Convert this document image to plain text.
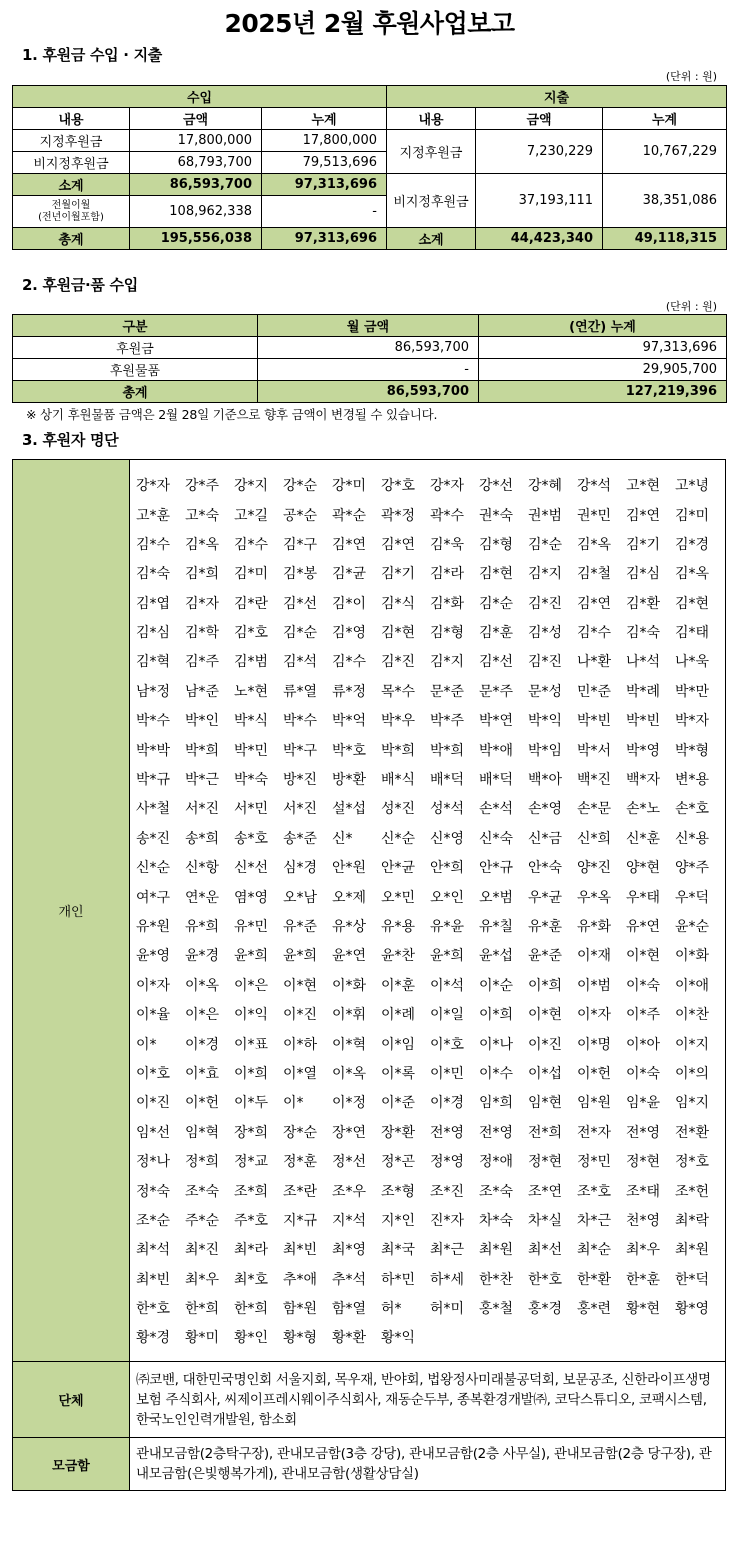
2025년 2월 후원사업보고
1. 후원금 수입 · 지출
(단위 : 원)
수입			지출		
내용	금액	누계	내용	금액	누계
지정후원금	17,800,000	17,800,000	지정후원금	7,230,229	10,767,229
비지정후원금	68,793,700	79,513,696			
소계	86,593,700	97,313,696	비지정후원금	37,193,111	38,351,086
전월이월
(전년이월포함)	108,962,338	-			
총계	195,556,038	97,313,696	소계	44,423,340	49,118,315
2. 후원금·품 수입
(단위 : 원)
구분	월 금액	(연간) 누계
후원금	86,593,700	97,313,696
후원물품	-	29,905,700
총계	86,593,700	127,219,396
※ 상기 후원물품 금액은 2월 28일 기준으로 향후 금액이 변경될 수 있습니다.
3. 후원자 명단
개인	강*자 강*주 강*지 강*순 강*미 강*호 강*자 강*선 강*혜 강*석 고*현 고*녕고*훈 고*숙 고*길 공*순 곽*순 곽*정 곽*수 권*숙 권*범 권*민 김*연 김*미김*수 김*옥 김*수 김*구 김*연 김*연 김*욱 김*형 김*순 김*옥 김*기 김*경김*숙 김*희 김*미 김*봉 김*균 김*기 김*라 김*현 김*지 김*철 김*심 김*옥김*엽 김*자 김*란 김*선 김*이 김*식 김*화 김*순 김*진 김*연 김*환 김*현김*심 김*학 김*호 김*순 김*영 김*현 김*형 김*훈 김*성 김*수 김*숙 김*태김*혁 김*주 김*범 김*석 김*수 김*진 김*지 김*선 김*진 나*환 나*석 나*욱남*정 남*준 노*현 류*열 류*정 목*수 문*준 문*주 문*성 민*준 박*례 박*만박*수 박*인 박*식 박*수 박*억 박*우 박*주 박*연 박*익 박*빈 박*빈 박*자박*박 박*희 박*민 박*구 박*호 박*희 박*희 박*애 박*임 박*서 박*영 박*형박*규 박*근 박*숙 방*진 방*환 배*식 배*덕 배*덕 백*아 백*진 백*자 변*용사*철 서*진 서*민 서*진 설*섭 성*진 성*석 손*석 손*영 손*문 손*노 손*호송*진 송*희 송*호 송*준 신* 신*순 신*영 신*숙 신*금 신*희 신*훈 신*용신*순 신*항 신*선 심*경 안*원 안*균 안*희 안*규 안*숙 양*진 양*현 양*주여*구 연*운 염*영 오*남 오*제 오*민 오*인 오*범 우*균 우*옥 우*태 우*덕유*원 유*희 유*민 유*준 유*상 유*용 유*윤 유*칠 유*훈 유*화 유*연 윤*순윤*영 윤*경 윤*희 윤*희 윤*연 윤*찬 윤*희 윤*섭 윤*준 이*재 이*현 이*화이*자 이*옥 이*은 이*현 이*화 이*훈 이*석 이*순 이*희 이*범 이*숙 이*애이*율 이*은 이*익 이*진 이*휘 이*례 이*일 이*희 이*현 이*자 이*주 이*찬이* 이*경 이*표 이*하 이*혁 이*임 이*호 이*나 이*진 이*명 이*아 이*지이*호 이*효 이*희 이*열 이*옥 이*록 이*민 이*수 이*섭 이*헌 이*숙 이*의이*진 이*헌 이*두 이* 이*정 이*준 이*경 임*희 임*현 임*원 임*윤 임*지임*선 임*혁 장*희 장*순 장*연 장*환 전*영 전*영 전*희 전*자 전*영 전*환정*나 정*희 정*교 정*훈 정*선 정*곤 정*영 정*애 정*현 정*민 정*현 정*호정*숙 조*숙 조*희 조*란 조*우 조*형 조*진 조*숙 조*연 조*호 조*태 조*헌조*순 주*순 주*호 지*규 지*석 지*인 진*자 차*숙 차*실 차*근 천*영 최*락최*석 최*진 최*라 최*빈 최*영 최*국 최*근 최*원 최*선 최*순 최*우 최*원최*빈 최*우 최*호 추*애 추*석 하*민 하*세 한*찬 한*호 한*환 한*훈 한*덕한*호 한*희 한*희 함*원 함*열 허* 허*미 홍*철 홍*경 홍*련 황*현 황*영황*경 황*미 황*인 황*형 황*환 황*익
단체	㈜코밴, 대한민국명인회 서울지회, 목우재, 반야회, 법왕정사미래불공덕회, 보문공조, 신한라이프생명보험 주식회사, 씨제이프레시웨이주식회사, 재동순두부, 종복환경개발㈜, 코닥스튜디오, 코팩시스템, 한국노인인력개발원, 함소회
모금함	관내모금함(2층탁구장), 관내모금함(3층 강당), 관내모금함(2층 사무실), 관내모금함(2층 당구장), 관내모금함(은빛행복가게), 관내모금함(생활상담실)
